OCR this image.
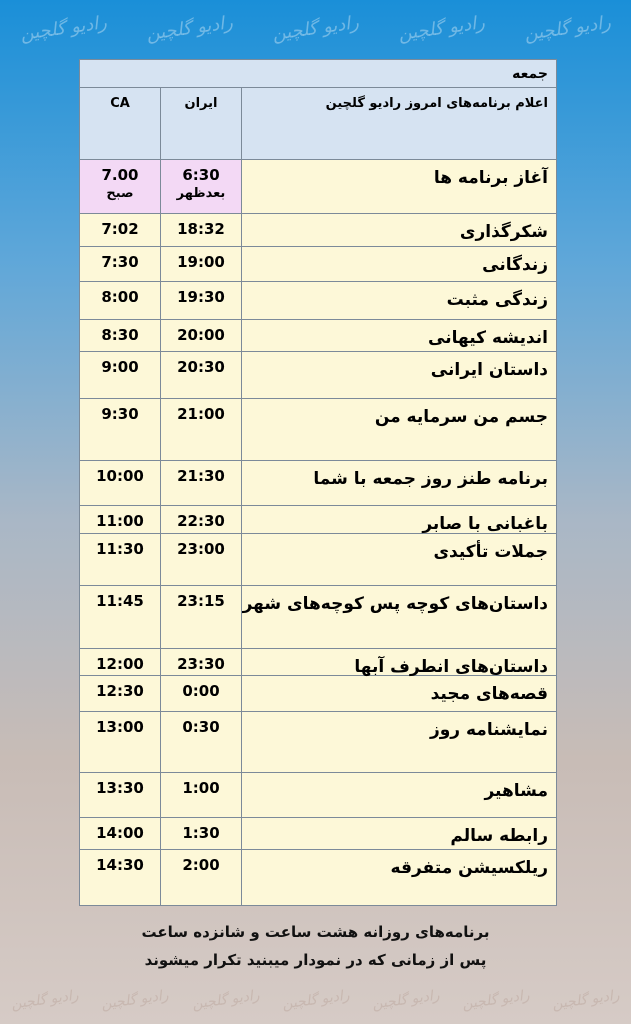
رادیو گلچین
رادیو گلچین
رادیو گلچین
رادیو گلچین
رادیو گلچین
جمعه
اعلام برنامه‌های امروز رادیو گلچین
ایران
CA
آغاز برنامه ها
6:30
بعدظهر
7.00
صبح
شکرگذاری
18:32
7:02
زندگانی
19:00
7:30
زندگی مثبت
19:30
8:00
اندیشه کیهانی
20:00
8:30
داستان ایرانی
20:30
9:00
جسم من سرمایه من
21:00
9:30
برنامه طنز روز جمعه با شما
21:30
10:00
باغبانی با صابر
22:30
11:00
جملات تأکیدی
23:00
11:30
داستان‌های کوچه پس کوچه‌های شهر
23:15
11:45
داستان‌های انطرف آبها
23:30
12:00
قصه‌های مجید
0:00
12:30
نمایشنامه روز
0:30
13:00
مشاهیر
1:00
13:30
رابطه سالم
1:30
14:00
ریلکسیشن متفرقه
2:00
14:30
برنامه‌های روزانه هشت ساعت و شانزده ساعت
پس از زمانی که در نمودار میبنید تکرار میشوند
رادیو گلچین
رادیو گلچین
رادیو گلچین
رادیو گلچین
رادیو گلچین
رادیو گلچین
رادیو گلچین
